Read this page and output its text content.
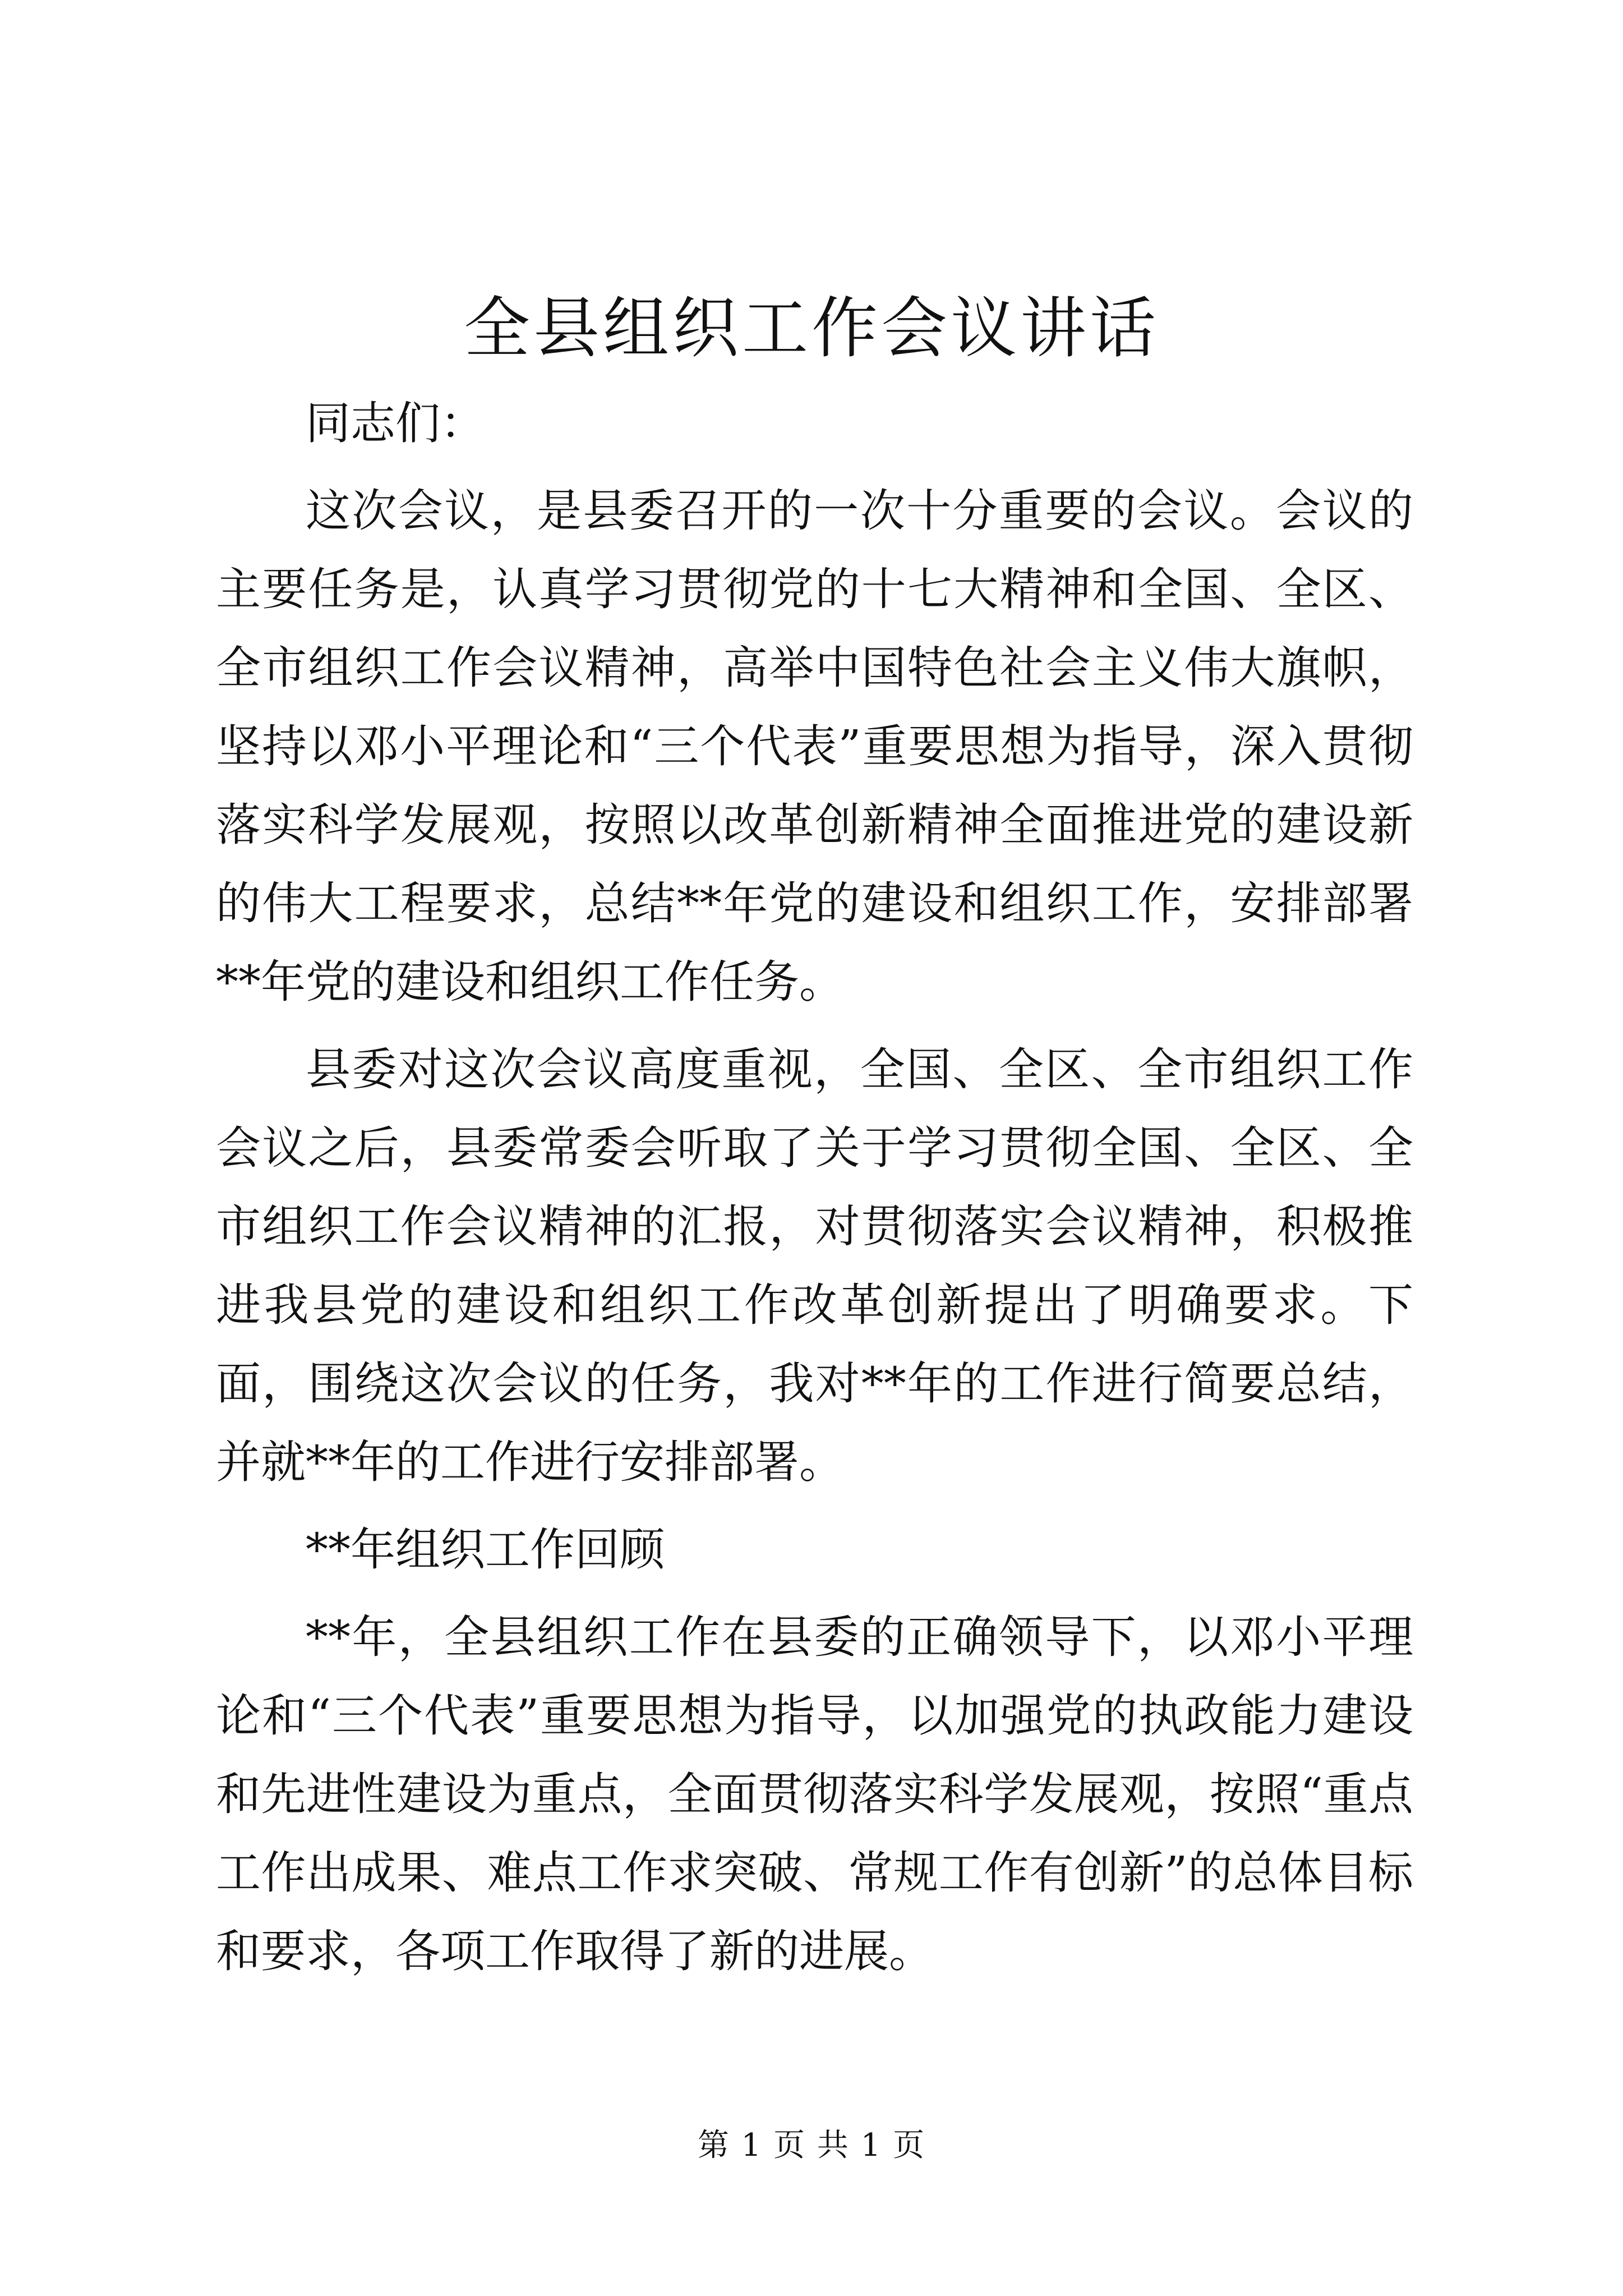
全县组织工作会议讲话

同志们：

这次会议，是县委召开的一次十分重要的会议。会议的主要任务是，认真学习贯彻党的十七大精神和全国、全区、全市组织工作会议精神，高举中国特色社会主义伟大旗帜，坚持以邓小平理论和“三个代表”重要思想为指导，深入贯彻落实科学发展观，按照以改革创新精神全面推进党的建设新的伟大工程要求，总结**年党的建设和组织工作，安排部署**年党的建设和组织工作任务。

县委对这次会议高度重视，全国、全区、全市组织工作会议之后，县委常委会听取了关于学习贯彻全国、全区、全市组织工作会议精神的汇报，对贯彻落实会议精神，积极推进我县党的建设和组织工作改革创新提出了明确要求。下面，围绕这次会议的任务，我对**年的工作进行简要总结，并就**年的工作进行安排部署。

**年组织工作回顾

**年，全县组织工作在县委的正确领导下，以邓小平理论和“三个代表”重要思想为指导，以加强党的执政能力建设和先进性建设为重点，全面贯彻落实科学发展观，按照“重点工作出成果、难点工作求突破、常规工作有创新”的总体目标和要求，各项工作取得了新的进展。

第 1 页 共 1 页
